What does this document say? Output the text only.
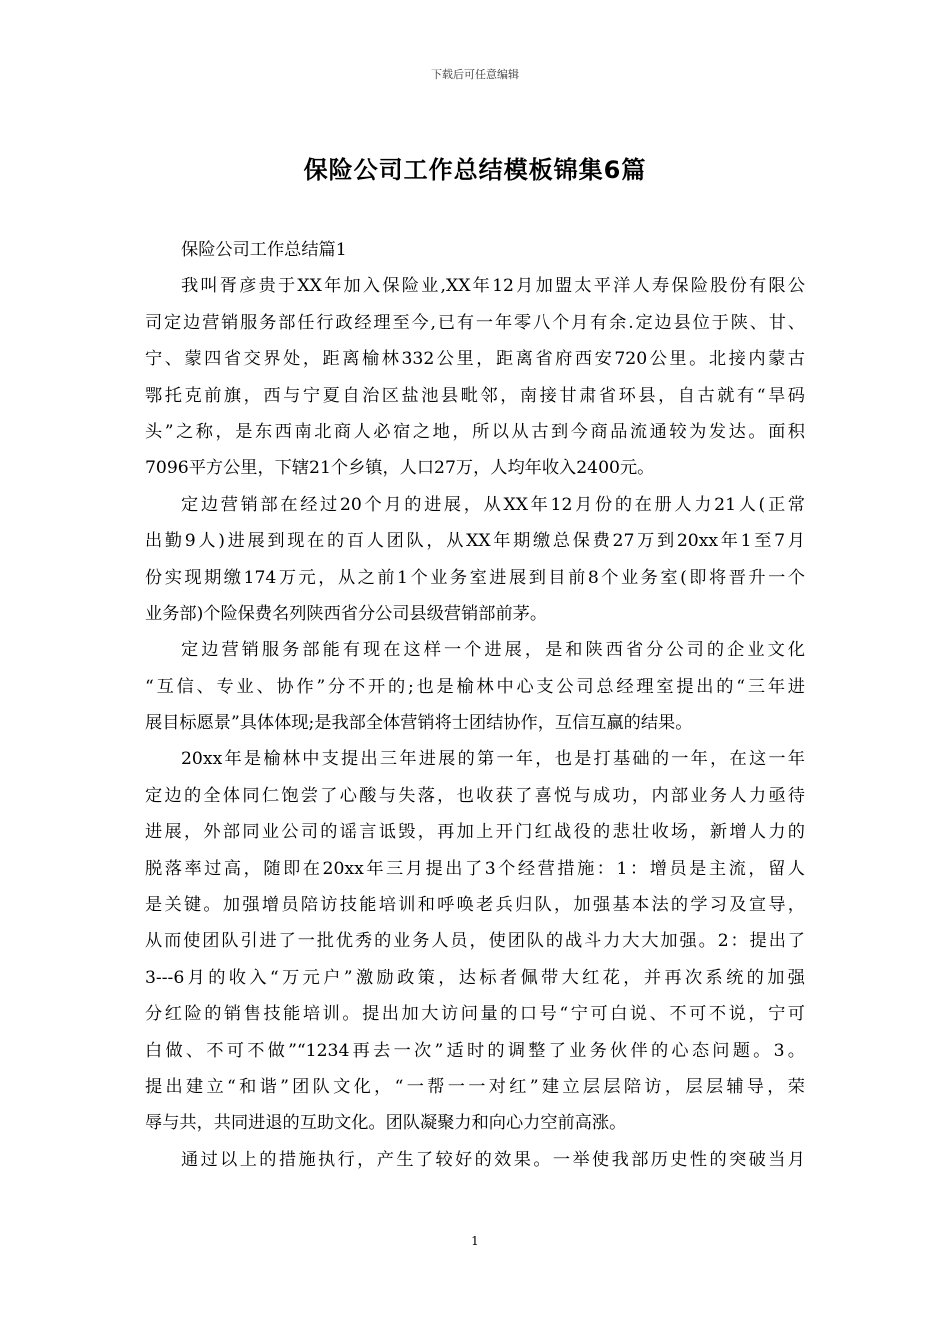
下载后可任意编辑
保险公司工作总结模板锦集6篇
保险公司工作总结篇1
我叫胥彦贵于XX年加入保险业,XX年12月加盟太平洋人寿保险股份有限公
司定边营销服务部任行政经理至今,已有一年零八个月有余.定边县位于陕、甘、
宁、蒙四省交界处，距离榆林332公里，距离省府西安720公里。北接内蒙古
鄂托克前旗，西与宁夏自治区盐池县毗邻，南接甘肃省环县，自古就有“旱码
头”之称，是东西南北商人必宿之地，所以从古到今商品流通较为发达。面积
7096平方公里，下辖21个乡镇，人口27万，人均年收入2400元。
定边营销部在经过20个月的进展，从XX年12月份的在册人力21人(正常
出勤9人)进展到现在的百人团队，从XX年期缴总保费27万到20xx年1至7月
份实现期缴174万元，从之前1个业务室进展到目前8个业务室(即将晋升一个
业务部)个险保费名列陕西省分公司县级营销部前茅。
定边营销服务部能有现在这样一个进展，是和陕西省分公司的企业文化
“互信、专业、协作”分不开的;也是榆林中心支公司总经理室提出的“三年进
展目标愿景”具体体现;是我部全体营销将士团结协作，互信互赢的结果。
20xx年是榆林中支提出三年进展的第一年，也是打基础的一年，在这一年
定边的全体同仁饱尝了心酸与失落，也收获了喜悦与成功，内部业务人力亟待
进展，外部同业公司的谣言诋毁，再加上开门红战役的悲壮收场，新增人力的
脱落率过高，随即在20xx年三月提出了3个经营措施：1：增员是主流，留人
是关键。加强增员陪访技能培训和呼唤老兵归队，加强基本法的学习及宣导，
从而使团队引进了一批优秀的业务人员，使团队的战斗力大大加强。2：提出了
3---6月的收入“万元户”激励政策，达标者佩带大红花，并再次系统的加强
分红险的销售技能培训。提出加大访问量的口号“宁可白说、不可不说，宁可
白做、不可不做”“1234再去一次”适时的调整了业务伙伴的心态问题。3。
提出建立“和谐”团队文化，“一帮一一对红”建立层层陪访，层层辅导，荣
辱与共，共同进退的互助文化。团队凝聚力和向心力空前高涨。
通过以上的措施执行，产生了较好的效果。一举使我部历史性的突破当月
1
